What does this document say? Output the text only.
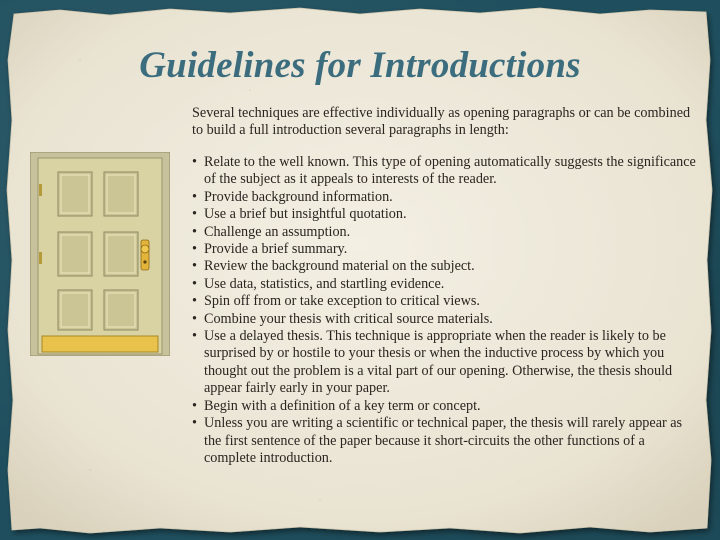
Guidelines for Introductions

Several techniques are effective individually as opening paragraphs or can be combined to build a full introduction several paragraphs in length:

• Relate to the well known. This type of opening automatically suggests the significance of the subject as it appeals to interests of the reader.
• Provide background information.
• Use a brief but insightful quotation.
• Challenge an assumption.
• Provide a brief summary.
• Review the background material on the subject.
• Use data, statistics, and startling evidence.
• Spin off from or take exception to critical views.
• Combine your thesis with critical source materials.
• Use a delayed thesis. This technique is appropriate when the reader is likely to be surprised by or hostile to your thesis or when the inductive process by which you thought out the problem is a vital part of our opening. Otherwise, the thesis should appear fairly early in your paper.
• Begin with a definition of a key term or concept.
• Unless you are writing a scientific or technical paper, the thesis will rarely appear as the first sentence of the paper because it short-circuits the other functions of a complete introduction.
